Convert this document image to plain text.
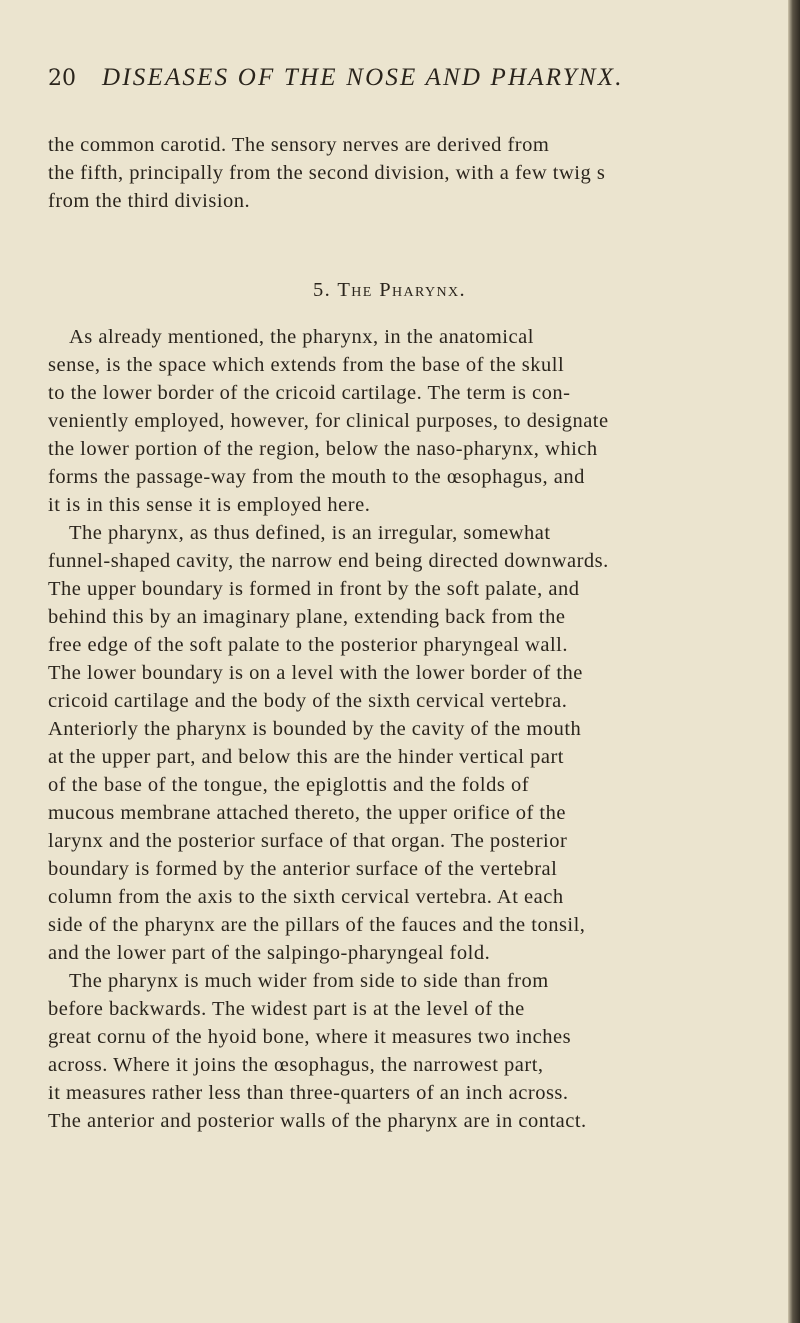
20 DISEASES OF THE NOSE AND PHARYNX.
the common carotid. The sensory nerves are derived from
the fifth, principally from the second division, with a few twig s
from the third division.
5. The Pharynx.
As already mentioned, the pharynx, in the anatomical
sense, is the space which extends from the base of the skull
to the lower border of the cricoid cartilage. The term is con-
veniently employed, however, for clinical purposes, to designate
the lower portion of the region, below the naso-pharynx, which
forms the passage-way from the mouth to the œsophagus, and
it is in this sense it is employed here.
The pharynx, as thus defined, is an irregular, somewhat
funnel-shaped cavity, the narrow end being directed downwards.
The upper boundary is formed in front by the soft palate, and
behind this by an imaginary plane, extending back from the
free edge of the soft palate to the posterior pharyngeal wall.
The lower boundary is on a level with the lower border of the
cricoid cartilage and the body of the sixth cervical vertebra.
Anteriorly the pharynx is bounded by the cavity of the mouth
at the upper part, and below this are the hinder vertical part
of the base of the tongue, the epiglottis and the folds of
mucous membrane attached thereto, the upper orifice of the
larynx and the posterior surface of that organ. The posterior
boundary is formed by the anterior surface of the vertebral
column from the axis to the sixth cervical vertebra. At each
side of the pharynx are the pillars of the fauces and the tonsil,
and the lower part of the salpingo-pharyngeal fold.
The pharynx is much wider from side to side than from
before backwards. The widest part is at the level of the
great cornu of the hyoid bone, where it measures two inches
across. Where it joins the œsophagus, the narrowest part,
it measures rather less than three-quarters of an inch across.
The anterior and posterior walls of the pharynx are in contact.
